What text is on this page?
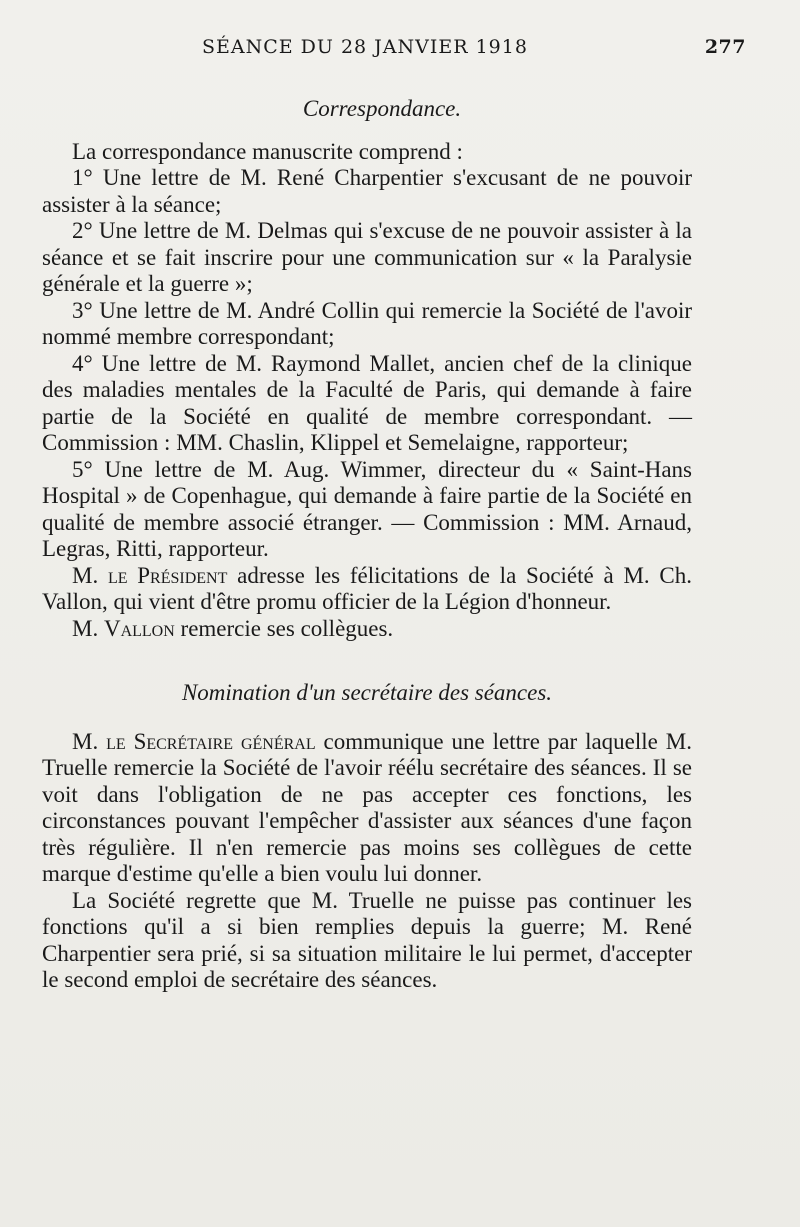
SÉANCE DU 28 JANVIER 1918	277
Correspondance.

La correspondance manuscrite comprend :

1° Une lettre de M. René Charpentier s'excusant de ne pouvoir assister à la séance;

2° Une lettre de M. Delmas qui s'excuse de ne pouvoir assister à la séance et se fait inscrire pour une communication sur « la Paralysie générale et la guerre »;

3° Une lettre de M. André Collin qui remercie la Société de l'avoir nommé membre correspondant;

4° Une lettre de M. Raymond Mallet, ancien chef de la clinique des maladies mentales de la Faculté de Paris, qui demande à faire partie de la Société en qualité de membre correspondant. — Commission : MM. Chaslin, Klippel et Semelaigne, rapporteur;

5° Une lettre de M. Aug. Wimmer, directeur du « Saint-Hans Hospital » de Copenhague, qui demande à faire partie de la Société en qualité de membre associé étranger. — Commission : MM. Arnaud, Legras, Ritti, rapporteur.

M. le Président adresse les félicitations de la Société à M. Ch. Vallon, qui vient d'être promu officier de la Légion d'honneur.

M. Vallon remercie ses collègues.

Nomination d'un secrétaire des séances.

M. le Secrétaire général communique une lettre par laquelle M. Truelle remercie la Société de l'avoir réélu secrétaire des séances. Il se voit dans l'obligation de ne pas accepter ces fonctions, les circonstances pouvant l'empêcher d'assister aux séances d'une façon très régulière. Il n'en remercie pas moins ses collègues de cette marque d'estime qu'elle a bien voulu lui donner.

La Société regrette que M. Truelle ne puisse pas continuer les fonctions qu'il a si bien remplies depuis la guerre; M. René Charpentier sera prié, si sa situation militaire le lui permet, d'accepter le second emploi de secrétaire des séances.
